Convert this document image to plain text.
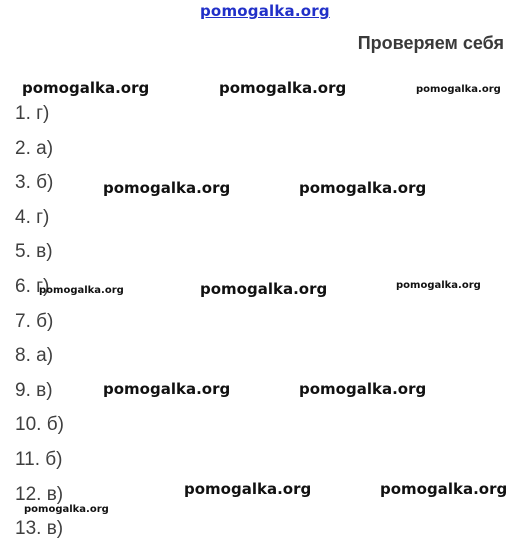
pomogalka.org
Проверяем себя
1. г)
2. а)
3. б)
4. г)
5. в)
6. г)
7. б)
8. а)
9. в)
10. б)
11. б)
12. в)
13. в)
pomogalka.org	pomogalka.org	pomogalka.org
pomogalka.org	pomogalka.org
pomogalka.org	pomogalka.org	pomogalka.org
pomogalka.org	pomogalka.org
pomogalka.org	pomogalka.org
pomogalka.org
